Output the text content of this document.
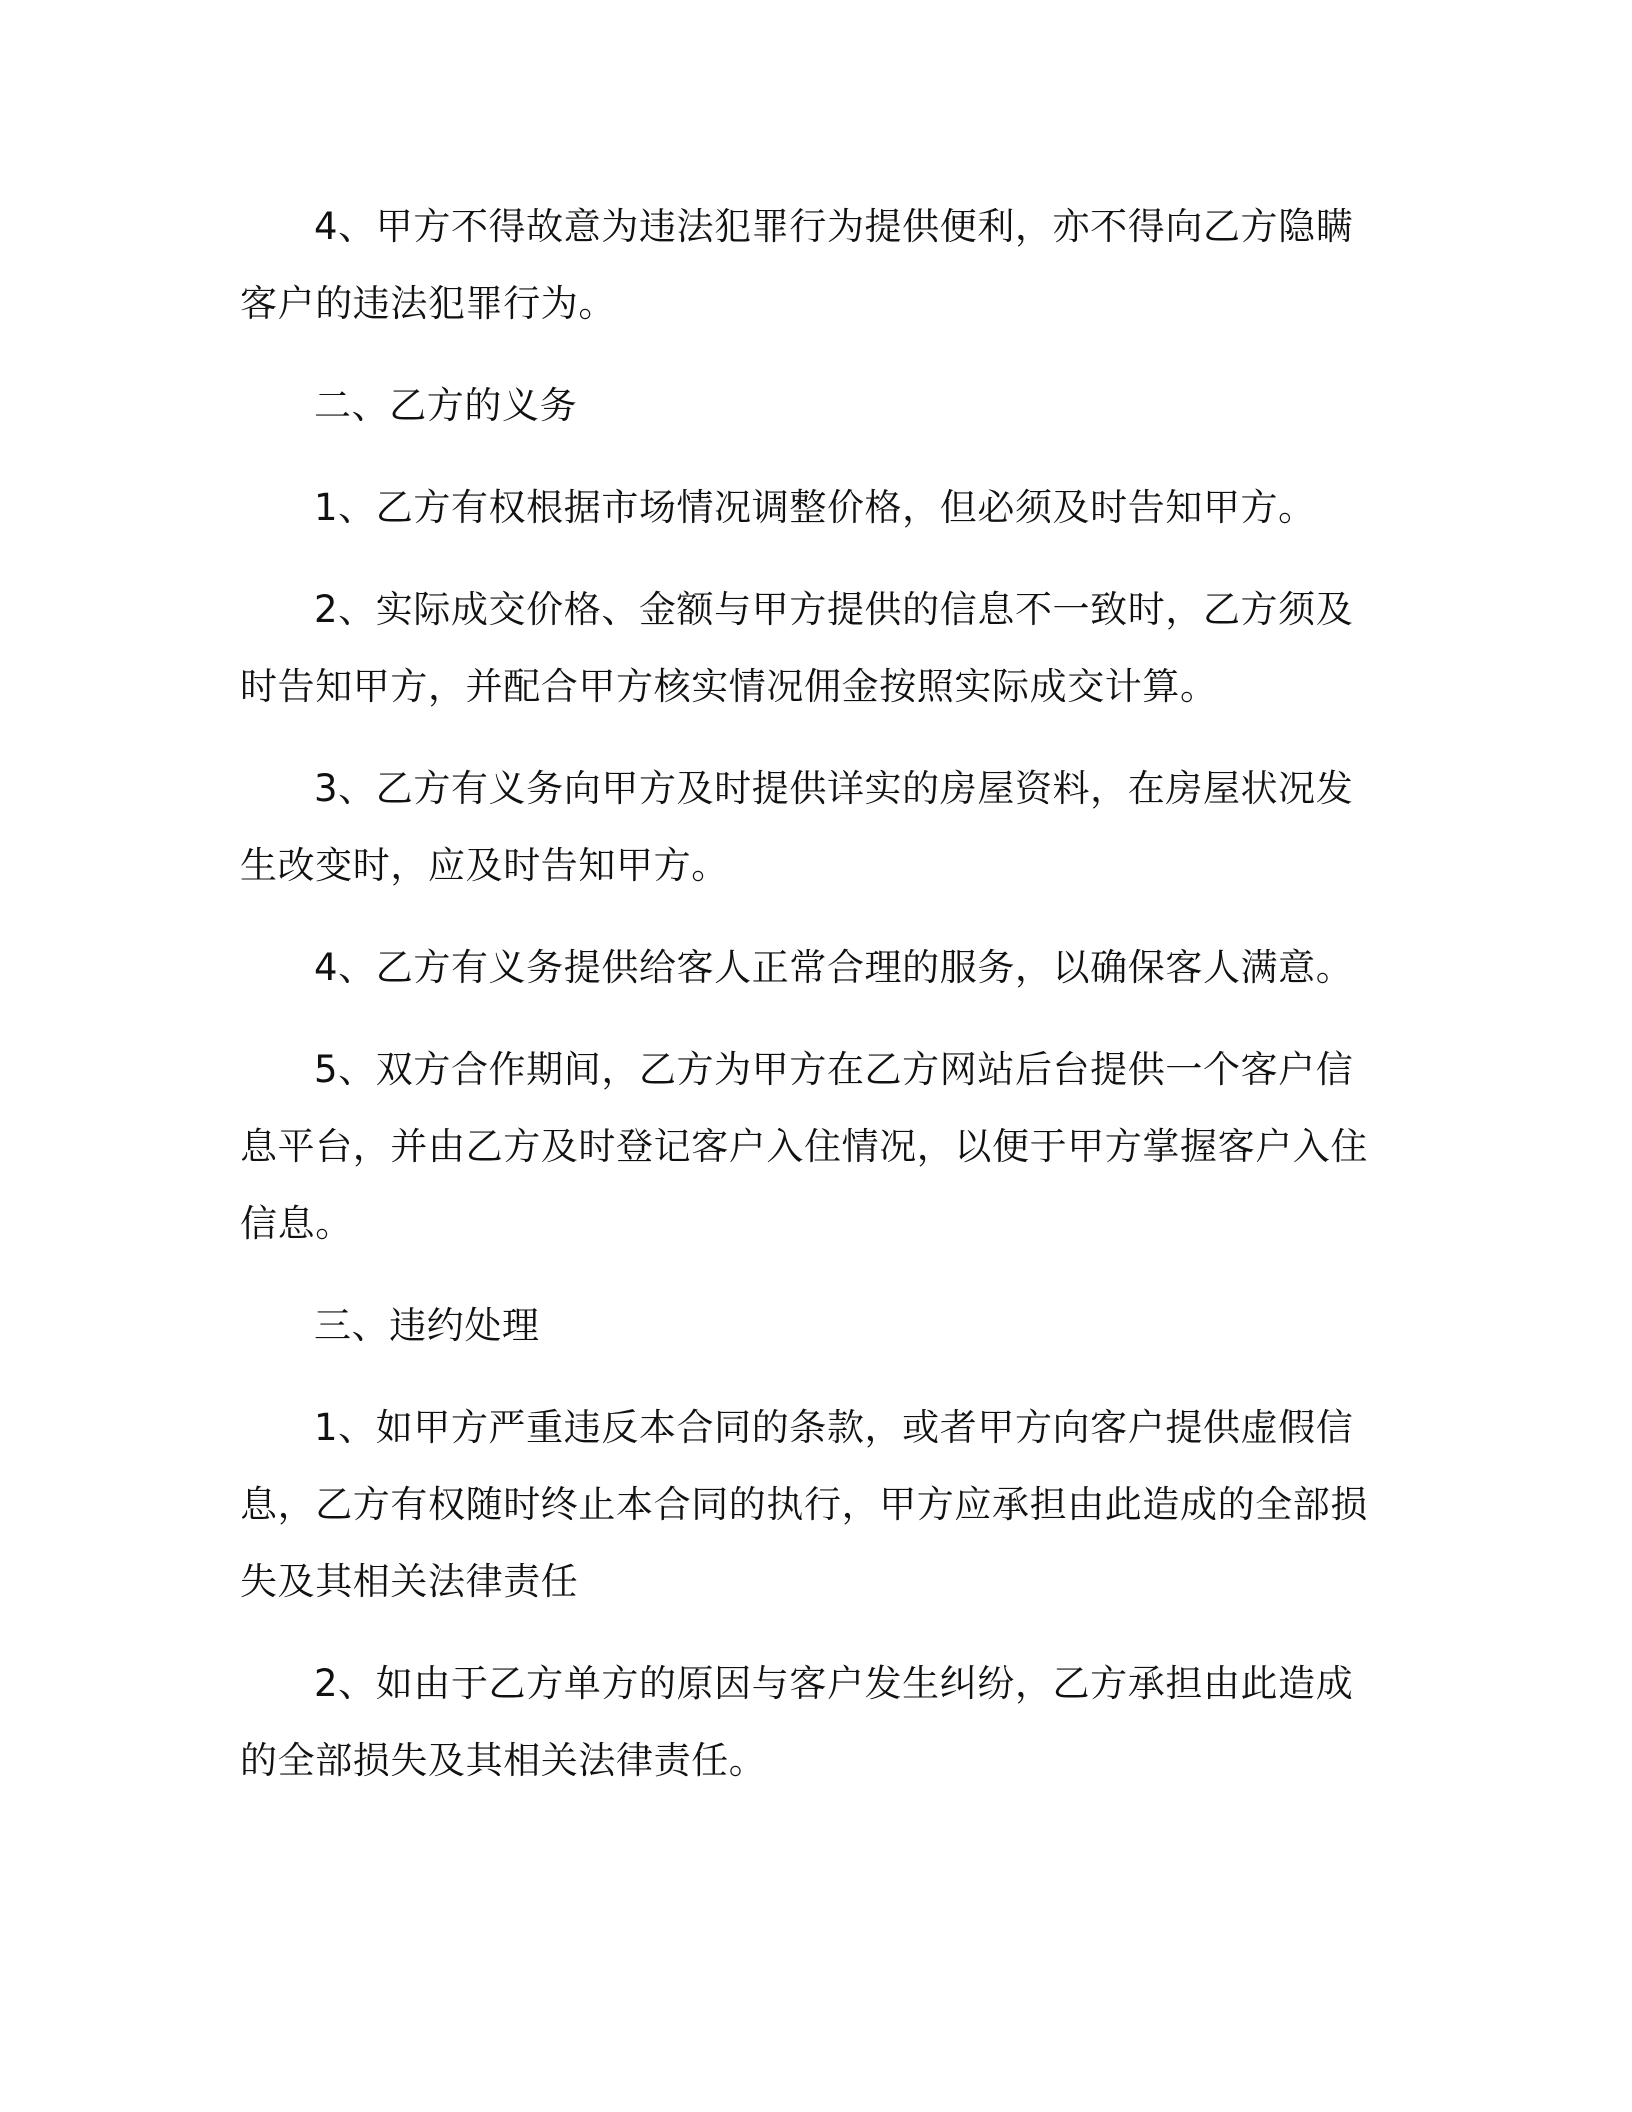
4、甲方不得故意为违法犯罪行为提供便利，亦不得向乙方隐瞒客户的违法犯罪行为。

二、乙方的义务

1、乙方有权根据市场情况调整价格，但必须及时告知甲方。

2、实际成交价格、金额与甲方提供的信息不一致时，乙方须及时告知甲方，并配合甲方核实情况佣金按照实际成交计算。

3、乙方有义务向甲方及时提供详实的房屋资料，在房屋状况发生改变时，应及时告知甲方。

4、乙方有义务提供给客人正常合理的服务，以确保客人满意。

5、双方合作期间，乙方为甲方在乙方网站后台提供一个客户信息平台，并由乙方及时登记客户入住情况，以便于甲方掌握客户入住信息。

三、违约处理

1、如甲方严重违反本合同的条款，或者甲方向客户提供虚假信息，乙方有权随时终止本合同的执行，甲方应承担由此造成的全部损失及其相关法律责任

2、如由于乙方单方的原因与客户发生纠纷，乙方承担由此造成的全部损失及其相关法律责任。
